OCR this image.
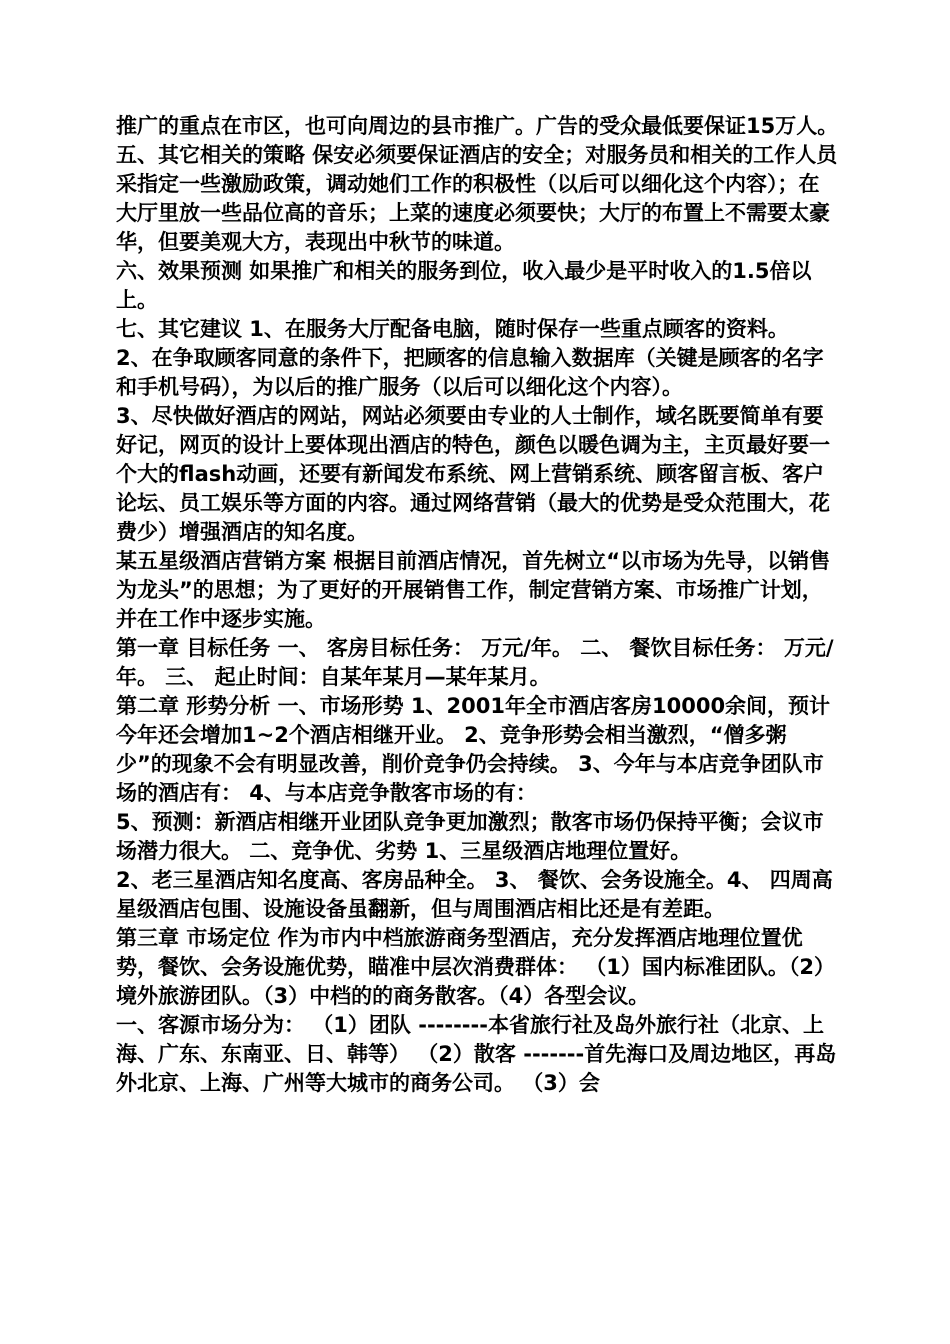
推广的重点在市区，也可向周边的县市推广。广告的受众最低要保证15万人。

五、其它相关的策略 保安必须要保证酒店的安全；对服务员和相关的工作人员采指定一些激励政策，调动她们工作的积极性（以后可以细化这个内容）；在大厅里放一些品位高的音乐；上菜的速度必须要快；大厅的布置上不需要太豪华，但要美观大方，表现出中秋节的味道。

六、效果预测 如果推广和相关的服务到位，收入最少是平时收入的1.5倍以上。

七、其它建议 1、在服务大厅配备电脑，随时保存一些重点顾客的资料。

2、在争取顾客同意的条件下，把顾客的信息输入数据库（关键是顾客的名字和手机号码），为以后的推广服务（以后可以细化这个内容）。

3、尽快做好酒店的网站，网站必须要由专业的人士制作，域名既要简单有要好记，网页的设计上要体现出酒店的特色，颜色以暖色调为主，主页最好要一个大的flash动画，还要有新闻发布系统、网上营销系统、顾客留言板、客户论坛、员工娱乐等方面的内容。通过网络营销（最大的优势是受众范围大，花费少）增强酒店的知名度。

某五星级酒店营销方案 根据目前酒店情况，首先树立“以市场为先导，以销售为龙头”的思想；为了更好的开展销售工作，制定营销方案、市场推广计划，并在工作中逐步实施。

第一章 目标任务 一、 客房目标任务： 万元/年。 二、 餐饮目标任务： 万元/年。 三、 起止时间：自某年某月—某年某月。

第二章 形势分析 一、市场形势 1、2001年全市酒店客房10000余间，预计今年还会增加1~2个酒店相继开业。 2、竞争形势会相当激烈，“僧多粥少”的现象不会有明显改善，削价竞争仍会持续。 3、今年与本店竞争团队市场的酒店有： 4、与本店竞争散客市场的有：

5、预测：新酒店相继开业团队竞争更加激烈；散客市场仍保持平衡；会议市场潜力很大。 二、竞争优、劣势 1、三星级酒店地理位置好。

2、老三星酒店知名度高、客房品种全。 3、 餐饮、会务设施全。4、 四周高星级酒店包围、设施设备虽翻新，但与周围酒店相比还是有差距。

第三章 市场定位 作为市内中档旅游商务型酒店，充分发挥酒店地理位置优势，餐饮、会务设施优势，瞄准中层次消费群体： （1）国内标准团队。（2）境外旅游团队。（3）中档的的商务散客。（4）各型会议。

一、客源市场分为： （1）团队 --------本省旅行社及岛外旅行社（北京、上海、广东、东南亚、日、韩等） （2）散客 -------首先海口及周边地区，再岛外北京、上海、广州等大城市的商务公司。 （3）会
